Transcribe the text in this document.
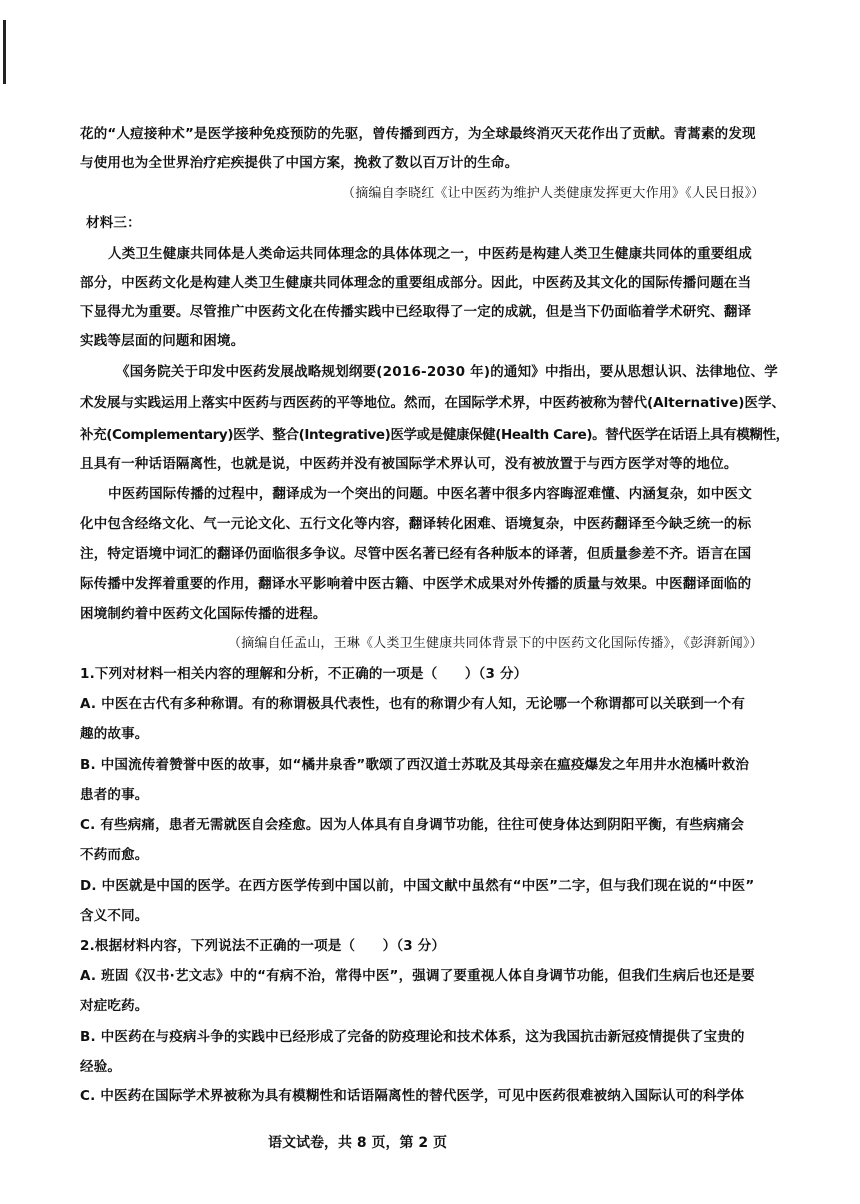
花的“人痘接种术”是医学接种免疫预防的先驱，曾传播到西方，为全球最终消灭天花作出了贡献。青蒿素的发现

与使用也为全世界治疗疟疾提供了中国方案，挽救了数以百万计的生命。

（摘编自李晓红《让中医药为维护人类健康发挥更大作用》《人民日报》）

材料三：

人类卫生健康共同体是人类命运共同体理念的具体体现之一，中医药是构建人类卫生健康共同体的重要组成

部分，中医药文化是构建人类卫生健康共同体理念的重要组成部分。因此，中医药及其文化的国际传播问题在当

下显得尤为重要。尽管推广中医药文化在传播实践中已经取得了一定的成就，但是当下仍面临着学术研究、翻译

实践等层面的问题和困境。

《国务院关于印发中医药发展战略规划纲要(2016-2030 年)的通知》中指出，要从思想认识、法律地位、学

术发展与实践运用上落实中医药与西医药的平等地位。然而，在国际学术界，中医药被称为替代(Alternative)医学、

补充(Complementary)医学、整合(Integrative)医学或是健康保健(Health Care)。替代医学在话语上具有模糊性，

且具有一种话语隔离性，也就是说，中医药并没有被国际学术界认可，没有被放置于与西方医学对等的地位。

中医药国际传播的过程中，翻译成为一个突出的问题。中医名著中很多内容晦涩难懂、内涵复杂，如中医文

化中包含经络文化、气一元论文化、五行文化等内容，翻译转化困难、语境复杂，中医药翻译至今缺乏统一的标

注，特定语境中词汇的翻译仍面临很多争议。尽管中医名著已经有各种版本的译著，但质量参差不齐。语言在国

际传播中发挥着重要的作用，翻译水平影响着中医古籍、中医学术成果对外传播的质量与效果。中医翻译面临的

困境制约着中医药文化国际传播的进程。

（摘编自任孟山，王琳《人类卫生健康共同体背景下的中医药文化国际传播》，《彭湃新闻》）

1.下列对材料一相关内容的理解和分析，不正确的一项是（　　）（3 分）

A. 中医在古代有多种称谓。有的称谓极具代表性，也有的称谓少有人知，无论哪一个称谓都可以关联到一个有

趣的故事。

B. 中国流传着赞誉中医的故事，如“橘井泉香”歌颂了西汉道士苏耽及其母亲在瘟疫爆发之年用井水泡橘叶救治

患者的事。

C. 有些病痛，患者无需就医自会痊愈。因为人体具有自身调节功能，往往可使身体达到阴阳平衡，有些病痛会

不药而愈。

D. 中医就是中国的医学。在西方医学传到中国以前，中国文献中虽然有“中医”二字，但与我们现在说的“中医”

含义不同。

2.根据材料内容，下列说法不正确的一项是（　　）（3 分）

A. 班固《汉书·艺文志》中的“有病不治，常得中医”，强调了要重视人体自身调节功能，但我们生病后也还是要

对症吃药。

B. 中医药在与疫病斗争的实践中已经形成了完备的防疫理论和技术体系，这为我国抗击新冠疫情提供了宝贵的

经验。

C. 中医药在国际学术界被称为具有模糊性和话语隔离性的替代医学，可见中医药很难被纳入国际认可的科学体

语文试卷，共 8 页，第 2 页
